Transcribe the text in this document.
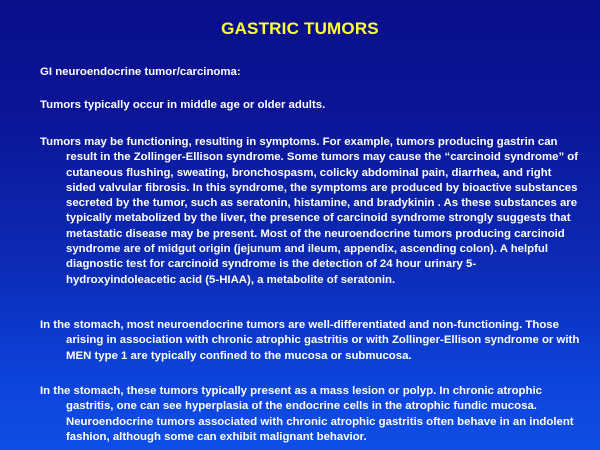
GASTRIC TUMORS

GI neuroendocrine tumor/carcinoma:

Tumors typically occur in middle age or older adults.

Tumors may be functioning, resulting in symptoms. For example, tumors producing gastrin can result in the Zollinger-Ellison syndrome. Some tumors may cause the “carcinoid syndrome” of cutaneous flushing, sweating, bronchospasm, colicky abdominal pain, diarrhea, and right sided valvular fibrosis. In this syndrome, the symptoms are produced by bioactive substances secreted by the tumor, such as seratonin, histamine, and bradykinin . As these substances are typically metabolized by the liver, the presence of carcinoid syndrome strongly suggests that metastatic disease may be present. Most of the neuroendocrine tumors producing carcinoid syndrome are of midgut origin (jejunum and ileum, appendix, ascending colon). A helpful diagnostic test for carcinoid syndrome is the detection of 24 hour urinary 5-hydroxyindoleacetic acid (5-HIAA), a metabolite of seratonin.

In the stomach, most neuroendocrine tumors are well-differentiated and non-functioning. Those arising in association with chronic atrophic gastritis or with Zollinger-Ellison syndrome or with MEN type 1 are typically confined to the mucosa or submucosa.

In the stomach, these tumors typically present as a mass lesion or polyp. In chronic atrophic gastritis, one can see hyperplasia of the endocrine cells in the atrophic fundic mucosa. Neuroendocrine tumors associated with chronic atrophic gastritis often behave in an indolent fashion, although some can exhibit malignant behavior.
